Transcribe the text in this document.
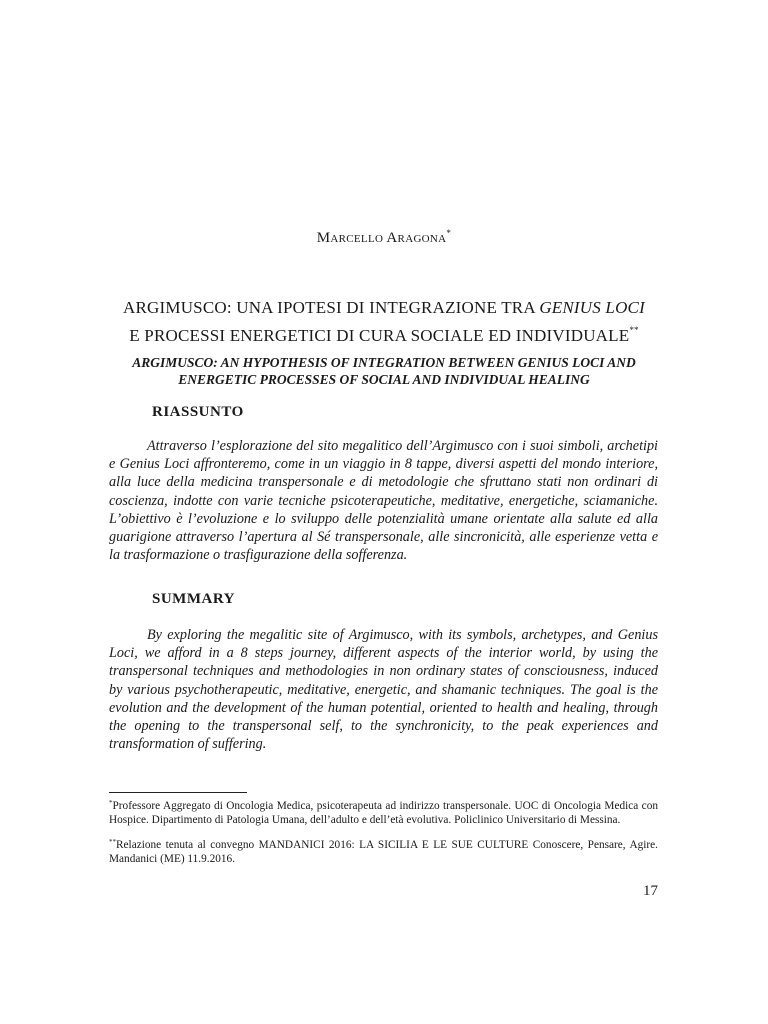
Marcello Aragona*
ARGIMUSCO: UNA IPOTESI DI INTEGRAZIONE TRA GENIUS LOCI
E PROCESSI ENERGETICI DI CURA SOCIALE ED INDIVIDUALE**
ARGIMUSCO: AN HYPOTHESIS OF INTEGRATION BETWEEN GENIUS LOCI AND ENERGETIC PROCESSES OF SOCIAL AND INDIVIDUAL HEALING
RIASSUNTO

Attraverso l’esplorazione del sito megalitico dell’Argimusco con i suoi simboli, archetipi e Genius Loci affronteremo, come in un viaggio in 8 tappe, diversi aspetti del mondo interiore, alla luce della medicina transpersonale e di metodologie che sfruttano stati non ordinari di coscienza, indotte con varie tecniche psicoterapeutiche, meditative, energetiche, sciamaniche. L’obiettivo è l’evoluzione e lo sviluppo delle potenzialità umane orientate alla salute ed alla guarigione attraverso l’apertura al Sé transpersonale, alle sincronicità, alle esperienze vetta e la trasformazione o trasfigurazione della sofferenza.

SUMMARY

By exploring the megalitic site of Argimusco, with its symbols, archetypes, and Genius Loci, we afford in a 8 steps journey, different aspects of the interior world, by using the transpersonal techniques and methodologies in non ordinary states of consciousness, induced by various psychotherapeutic, meditative, energetic, and shamanic techniques. The goal is the evolution and the development of the human potential, oriented to health and healing, through the opening to the transpersonal self, to the synchronicity, to the peak experiences and transformation of suffering.

*Professore Aggregato di Oncologia Medica, psicoterapeuta ad indirizzo transpersonale. UOC di Oncologia Medica con Hospice. Dipartimento di Patologia Umana, dell’adulto e dell’età evolutiva. Policlinico Universitario di Messina.

**Relazione tenuta al convegno MANDANICI 2016: LA SICILIA E LE SUE CULTURE Conoscere, Pensare, Agire. Mandanici (ME) 11.9.2016.

17
